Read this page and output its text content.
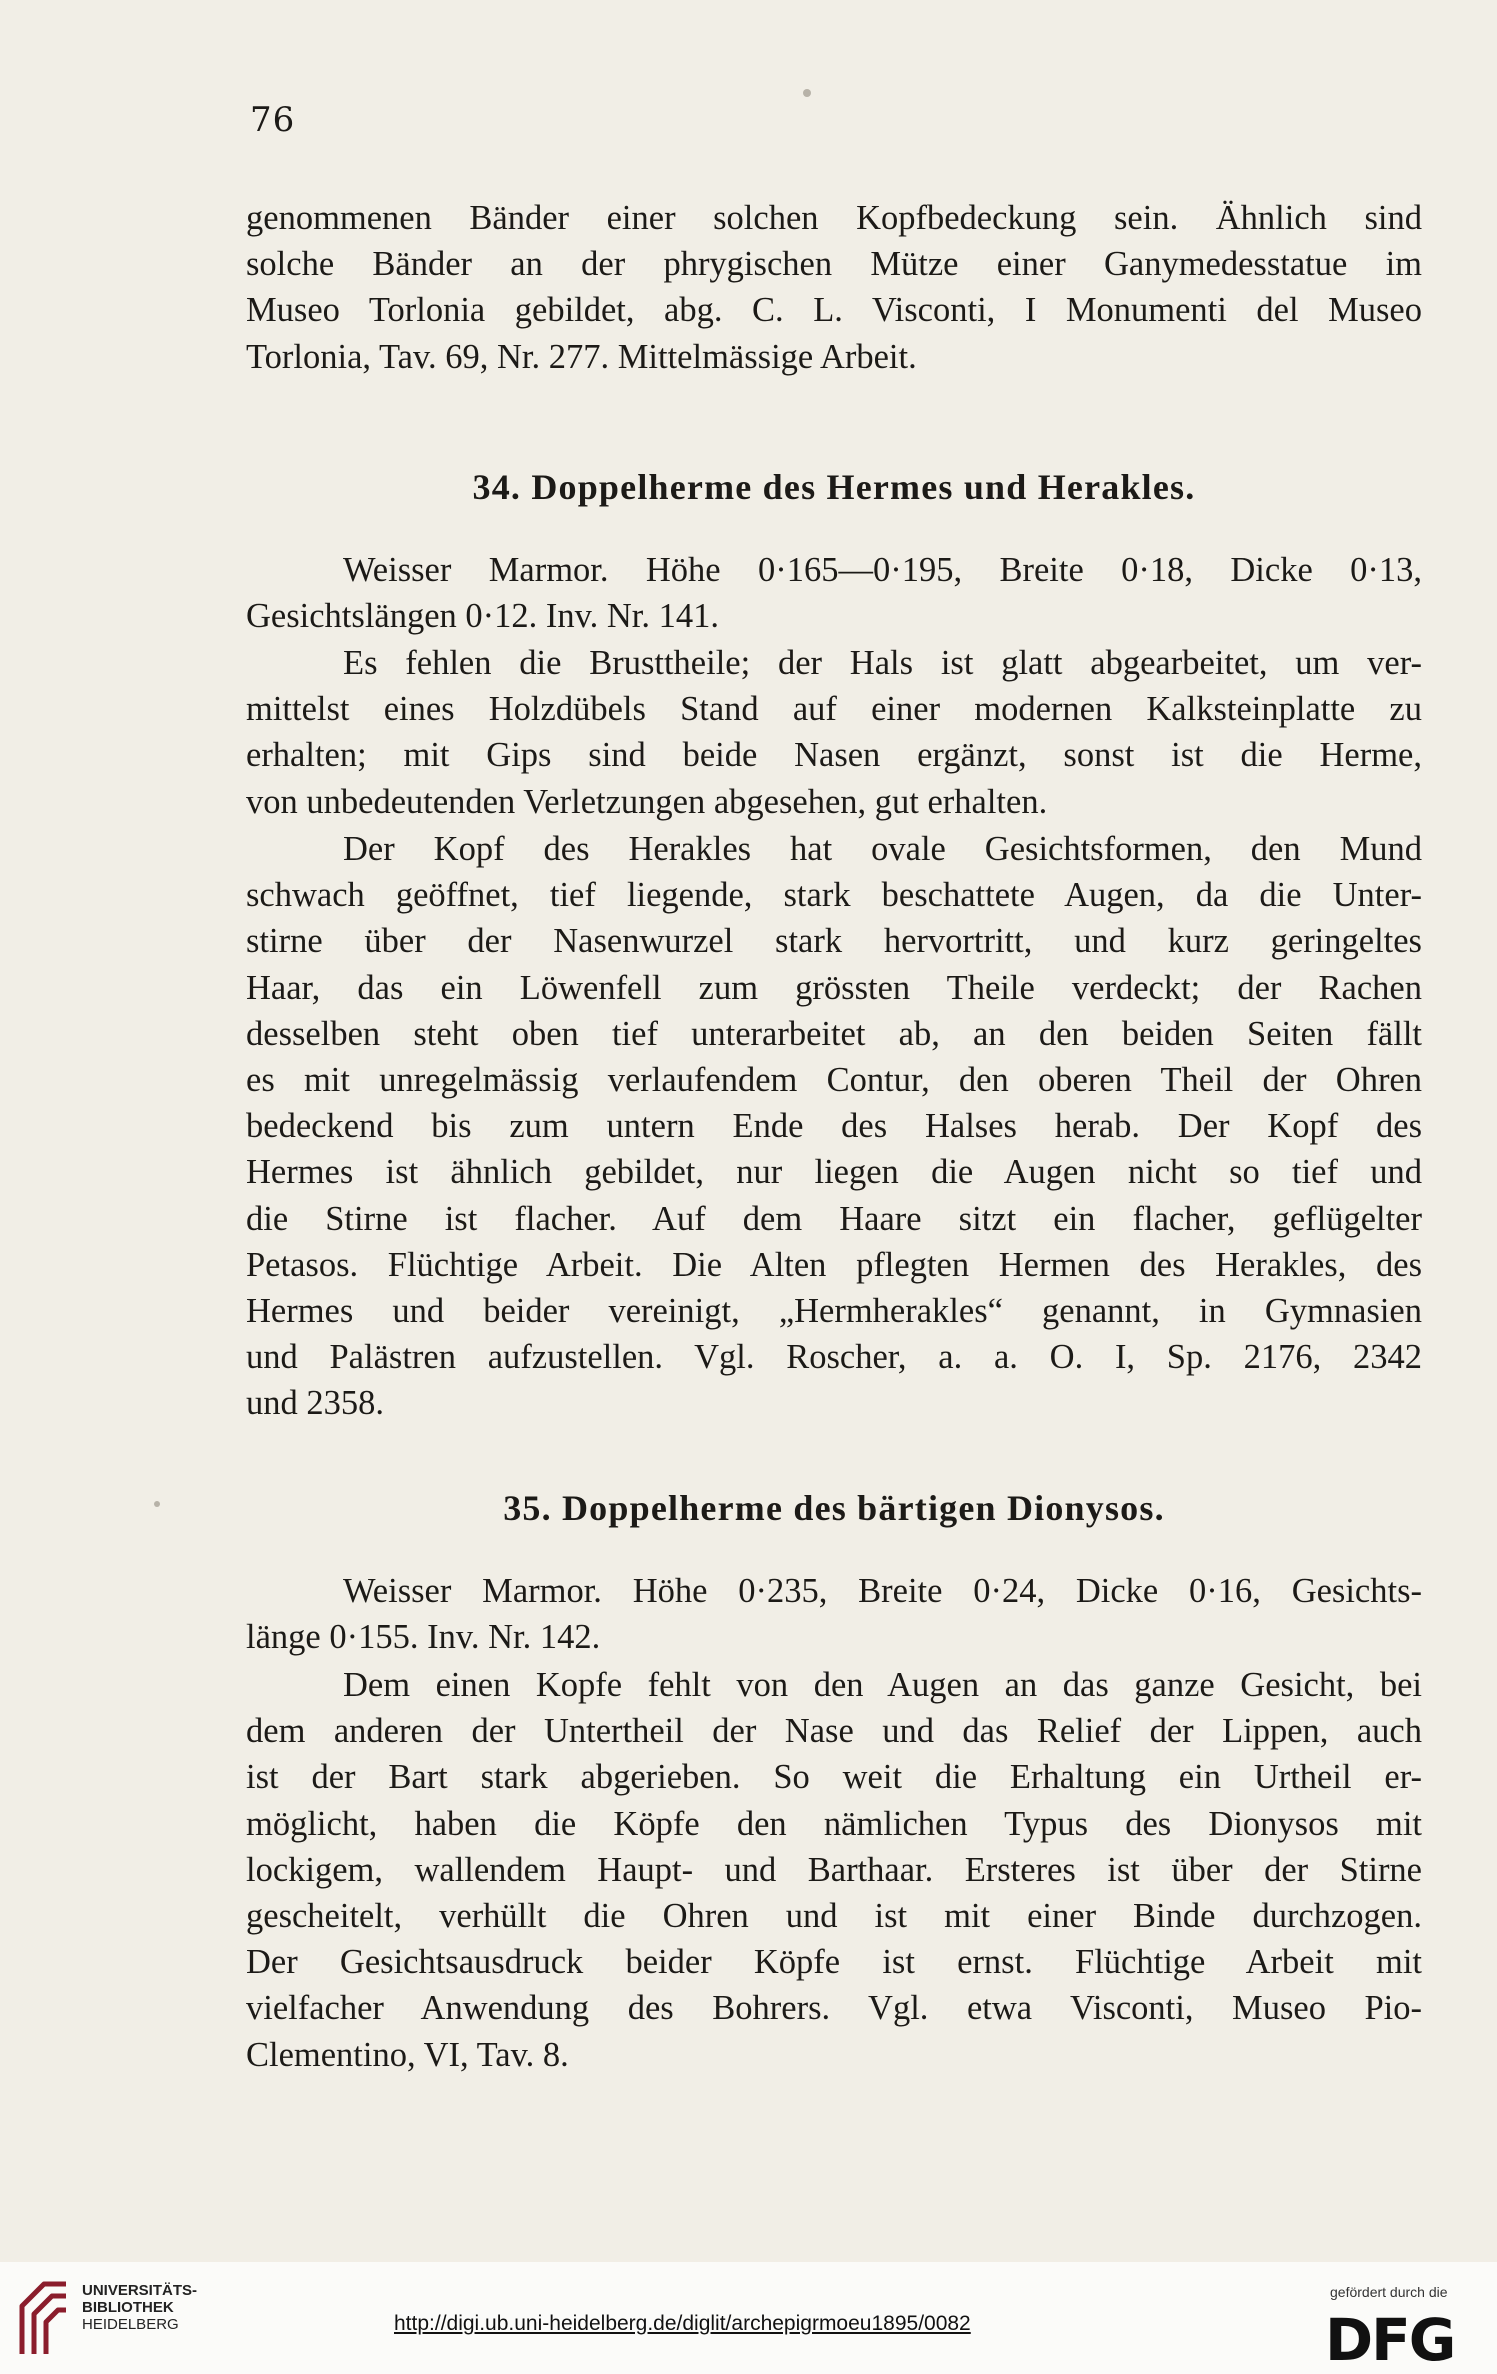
76
genommenen Bänder einer solchen Kopfbedeckung sein. Ähnlich sind
solche Bänder an der phrygischen Mütze einer Ganymedesstatue im
Museo Torlonia gebildet, abg. C. L. Visconti, I Monumenti del Museo
Torlonia, Tav. 69, Nr. 277. Mittelmässige Arbeit.
34. Doppelherme des Hermes und Herakles.
Weisser Marmor. Höhe 0·165—0·195, Breite 0·18, Dicke 0·13,
Gesichtslängen 0·12. Inv. Nr. 141.
Es fehlen die Brusttheile; der Hals ist glatt abgearbeitet, um ver-
mittelst eines Holzdübels Stand auf einer modernen Kalksteinplatte zu
erhalten; mit Gips sind beide Nasen ergänzt, sonst ist die Herme,
von unbedeutenden Verletzungen abgesehen, gut erhalten.
Der Kopf des Herakles hat ovale Gesichtsformen, den Mund
schwach geöffnet, tief liegende, stark beschattete Augen, da die Unter-
stirne über der Nasenwurzel stark hervortritt, und kurz geringeltes
Haar, das ein Löwenfell zum grössten Theile verdeckt; der Rachen
desselben steht oben tief unterarbeitet ab, an den beiden Seiten fällt
es mit unregelmässig verlaufendem Contur, den oberen Theil der Ohren
bedeckend bis zum untern Ende des Halses herab. Der Kopf des
Hermes ist ähnlich gebildet, nur liegen die Augen nicht so tief und
die Stirne ist flacher. Auf dem Haare sitzt ein flacher, geflügelter
Petasos. Flüchtige Arbeit. Die Alten pflegten Hermen des Herakles, des
Hermes und beider vereinigt, „Hermherakles“ genannt, in Gymnasien
und Palästren aufzustellen. Vgl. Roscher, a. a. O. I, Sp. 2176, 2342
und 2358.
35. Doppelherme des bärtigen Dionysos.
Weisser Marmor. Höhe 0·235, Breite 0·24, Dicke 0·16, Gesichts-
länge 0·155. Inv. Nr. 142.
Dem einen Kopfe fehlt von den Augen an das ganze Gesicht, bei
dem anderen der Untertheil der Nase und das Relief der Lippen, auch
ist der Bart stark abgerieben. So weit die Erhaltung ein Urtheil er-
möglicht, haben die Köpfe den nämlichen Typus des Dionysos mit
lockigem, wallendem Haupt- und Barthaar. Ersteres ist über der Stirne
gescheitelt, verhüllt die Ohren und ist mit einer Binde durchzogen.
Der Gesichtsausdruck beider Köpfe ist ernst. Flüchtige Arbeit mit
vielfacher Anwendung des Bohrers. Vgl. etwa Visconti, Museo Pio-
Clementino, VI, Tav. 8.
UNIVERSITÄTS-
BIBLIOTHEK
HEIDELBERG	http://digi.ub.uni-heidelberg.de/diglit/archepigrmoeu1895/0082
gefördert durch die
DFG
